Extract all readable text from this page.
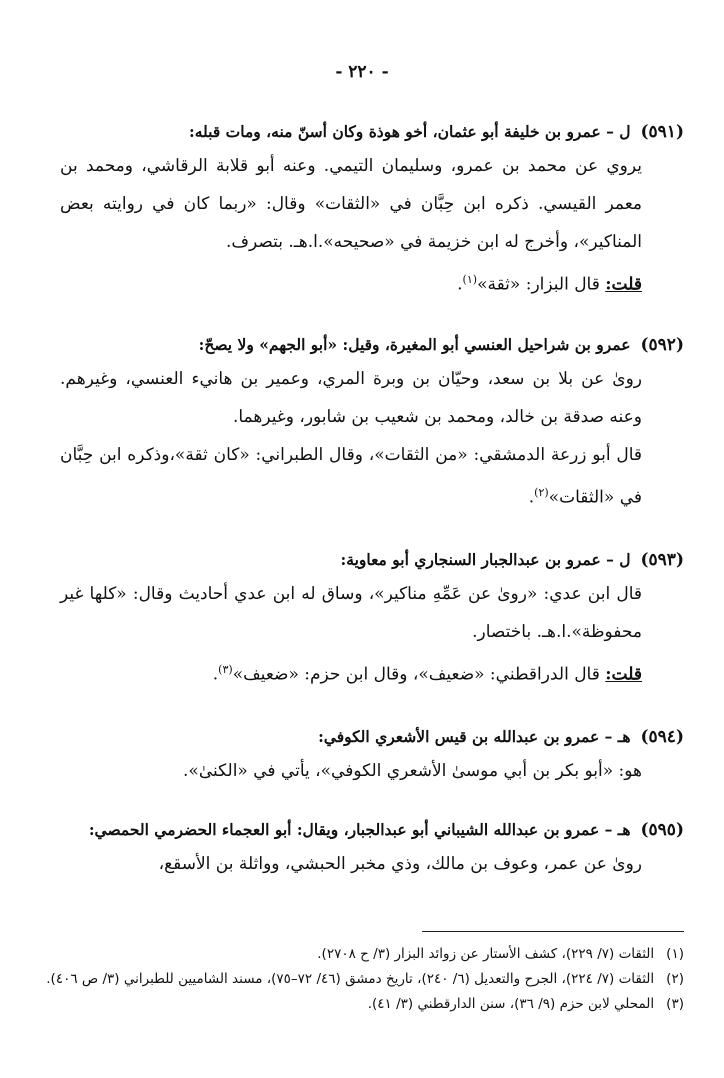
- ٢٢٠ -
(٥٩١)
ل – عمرو بن خليفة أبو عثمان، أخو هوذة وكان أسنّ منه، ومات قبله:

يروي عن محمد بن عمرو، وسليمان التيمي. وعنه أبو قلابة الرقاشي، ومحمد بن معمر القيسي. ذكره ابن حِبَّان في «الثقات» وقال: «ربما كان في روايته بعض المناكير»، وأخرج له ابن خزيمة في «صحيحه».ا.هـ. بتصرف.

قلت: قال البزار: «ثقة»$^{(١)}$.

(٥٩٢)
عمرو بن شراحيل العنسي أبو المغيرة، وقيل: «أبو الجهم» ولا يصحّ:

روىٰ عن بلا بن سعد، وحيّان بن وبرة المري، وعمير بن هانيء العنسي، وغيرهم. وعنه صدقة بن خالد، ومحمد بن شعيب بن شابور، وغيرهما.

قال أبو زرعة الدمشقي: «من الثقات»، وقال الطبراني: «كان ثقة»،وذكره ابن حِبَّان في «الثقات»$^{(٢)}$.

(٥٩٣)
ل – عمرو بن عبدالجبار السنجاري أبو معاوية:

قال ابن عدي: «روىٰ عن عَمِّهِ مناكير»، وساق له ابن عدي أحاديث وقال: «كلها غير محفوظة».ا.هـ. باختصار.

قلت: قال الدراقطني: «ضعيف»، وقال ابن حزم: «ضعيف»$^{(٣)}$.

(٥٩٤)
هـ – عمرو بن عبدالله بن قيس الأشعري الكوفي:

هو: «أبو بكر بن أبي موسىٰ الأشعري الكوفي»، يأتي في «الكنىٰ».

(٥٩٥)
هـ – عمرو بن عبدالله الشيباني أبو عبدالجبار، ويقال: أبو العجماء الحضرمي الحمصي:

روىٰ عن عمر، وعوف بن مالك، وذي مخبر الحبشي، وواثلة بن الأسقع،

(١)
الثقات (٧/ ٢٢٩)، كشف الأستار عن زوائد البزار (٣/ ح ٢٧٠٨).
(٢)
الثقات (٧/ ٢٢٤)، الجرح والتعديل (٦/ ٢٤٠)، تاريخ دمشق (٤٦/ ٧٢–٧٥)، مسند الشاميين للطبراني (٣/ ص ٤٠٦).
(٣)
المحلي لابن حزم (٩/ ٣٦)، سنن الدارقطني (٣/ ٤١).
